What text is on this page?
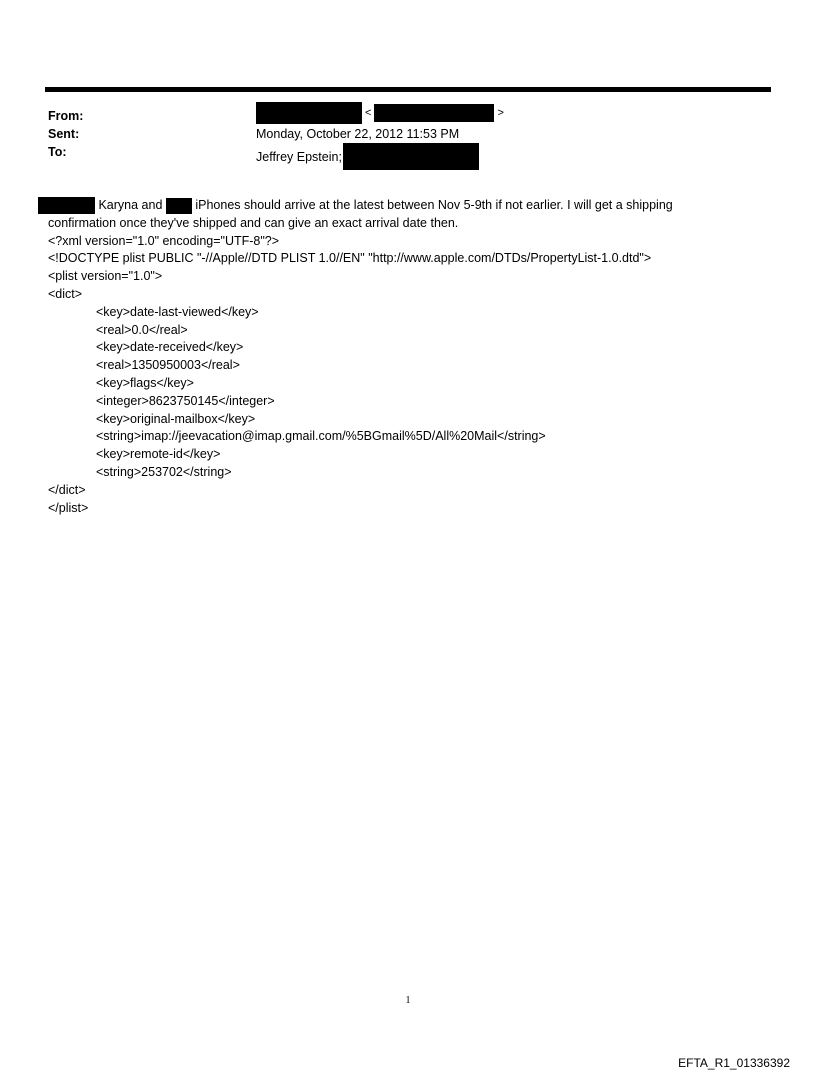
From:
Sent:
To:
<	>
Monday, October 22, 2012 11:53 PM
Jeffrey Epstein;
Karyna and iPhones should arrive at the latest between Nov 5-9th if not earlier. I will get a shipping
confirmation once they've shipped and can give an exact arrival date then.
<?xml version="1.0" encoding="UTF-8"?>
<!DOCTYPE plist PUBLIC "-//Apple//DTD PLIST 1.0//EN" "http://www.apple.com/DTDs/PropertyList-1.0.dtd">
<plist version="1.0">
<dict>
<key>date-last-viewed</key>
<real>0.0</real>
<key>date-received</key>
<real>1350950003</real>
<key>flags</key>
<integer>8623750145</integer>
<key>original-mailbox</key>
<string>imap://jeevacation@imap.gmail.com/%5BGmail%5D/All%20Mail</string>
<key>remote-id</key>
<string>253702</string>
</dict>
</plist>
1
EFTA_R1_01336392
